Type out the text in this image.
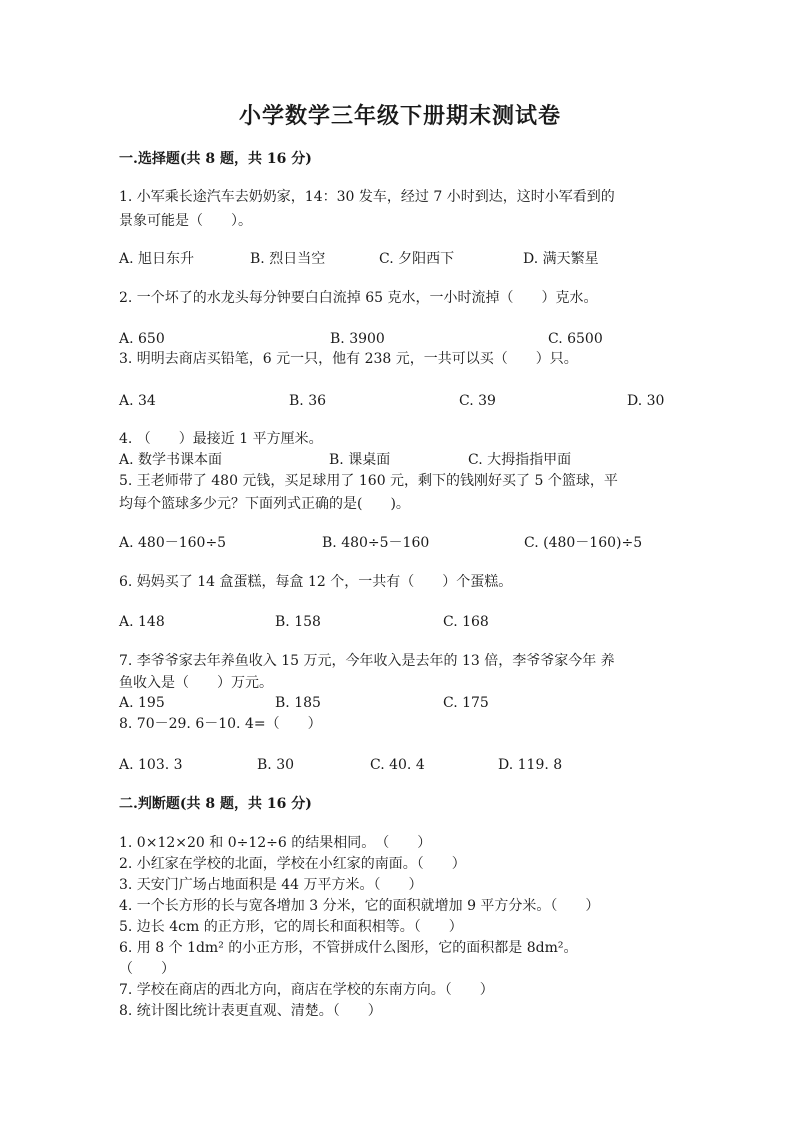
小学数学三年级下册期末测试卷
一.选择题(共 8 题，共 16 分)
1. 小军乘长途汽车去奶奶家，14：30 发车，经过 7 小时到达，这时小军看到的
景象可能是（　　）。
A. 旭日东升	B. 烈日当空	C. 夕阳西下	D. 满天繁星
2. 一个坏了的水龙头每分钟要白白流掉 65 克水，一小时流掉（　　）克水。
A. 650	B. 3900	C. 6500
3. 明明去商店买铅笔，6 元一只，他有 238 元，一共可以买（　　）只。
A. 34	B. 36	C. 39	D. 30
4. （　　）最接近 1 平方厘米。
A. 数学书课本面	B. 课桌面	C. 大拇指指甲面
5. 王老师带了 480 元钱，买足球用了 160 元，剩下的钱刚好买了 5 个篮球，平
均每个篮球多少元？下面列式正确的是(　　)。
A. 480－160÷5	B. 480÷5－160	C. (480－160)÷5
6. 妈妈买了 14 盒蛋糕，每盒 12 个，一共有（　　）个蛋糕。
A. 148	B. 158	C. 168
7. 李爷爷家去年养鱼收入 15 万元，今年收入是去年的 13 倍，李爷爷家今年 养
鱼收入是（　　）万元。
A. 195	B. 185	C. 175
8. 70－29. 6－10. 4=（　　）
A. 103. 3	B. 30	C. 40. 4	D. 119. 8
二.判断题(共 8 题，共 16 分)
1. 0×12×20 和 0÷12÷6 的结果相同。　（　　）
2. 小红家在学校的北面，学校在小红家的南面。（　　）
3. 天安门广场占地面积是 44 万平方米。（　　）
4. 一个长方形的长与宽各增加 3 分米，它的面积就增加 9 平方分米。（　　）
5. 边长 4cm 的正方形，它的周长和面积相等。（　　）
6. 用 8 个 1dm² 的小正方形，不管拼成什么图形，它的面积都是 8dm²。
（　　）
7. 学校在商店的西北方向，商店在学校的东南方向。（　　）
8. 统计图比统计表更直观、清楚。（　　）
